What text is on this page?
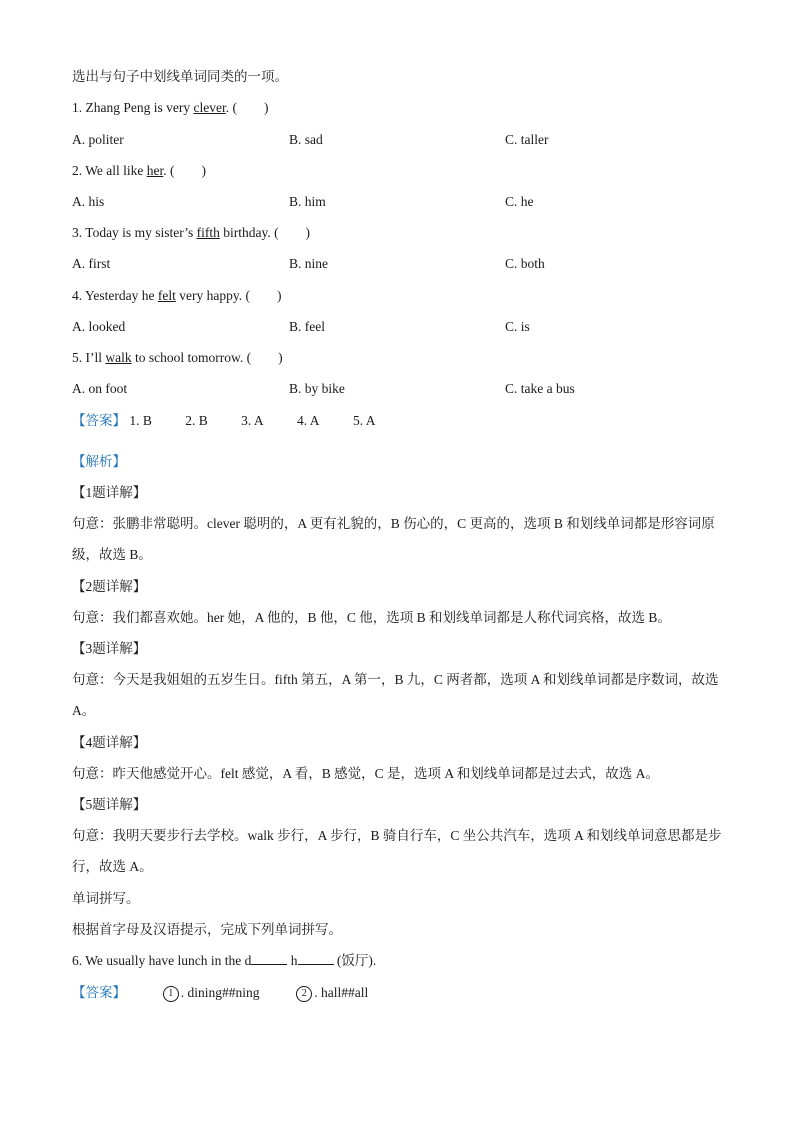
选出与句子中划线单词同类的一项。
1. Zhang Peng is very clever. (　　)
A. politer	B. sad	C. taller
2. We all like her. (　　)
A. his	B. him	C. he
3. Today is my sister’s fifth birthday. (　　)
A. first	B. nine	C. both
4. Yesterday he felt very happy. (　　)
A. looked	B. feel	C. is
5. I’ll walk to school tomorrow. (　　)
A. on foot	B. by bike	C. take a bus
【答案】 1. B 2. B 3. A 4. A 5. A
【解析】
【1题详解】
句意：张鹏非常聪明。clever 聪明的，A 更有礼貌的，B 伤心的，C 更高的，选项 B 和划线单词都是形容词原级，故选 B。
【2题详解】
句意：我们都喜欢她。her 她，A 他的，B 他，C 他，选项 B 和划线单词都是人称代词宾格，故选 B。
【3题详解】
句意：今天是我姐姐的五岁生日。fifth 第五，A 第一，B 九，C 两者都，选项 A 和划线单词都是序数词，故选 A。
【4题详解】
句意：昨天他感觉开心。felt 感觉，A 看，B 感觉，C 是，选项 A 和划线单词都是过去式，故选 A。
【5题详解】
句意：我明天要步行去学校。walk 步行，A 步行，B 骑自行车，C 坐公共汽车，选项 A 和划线单词意思都是步行，故选 A。
单词拼写。
根据首字母及汉语提示，完成下列单词拼写。
6. We usually have lunch in the d	h	(饭厅).
【答案】	1 . dining##ning	2 . hall##all
